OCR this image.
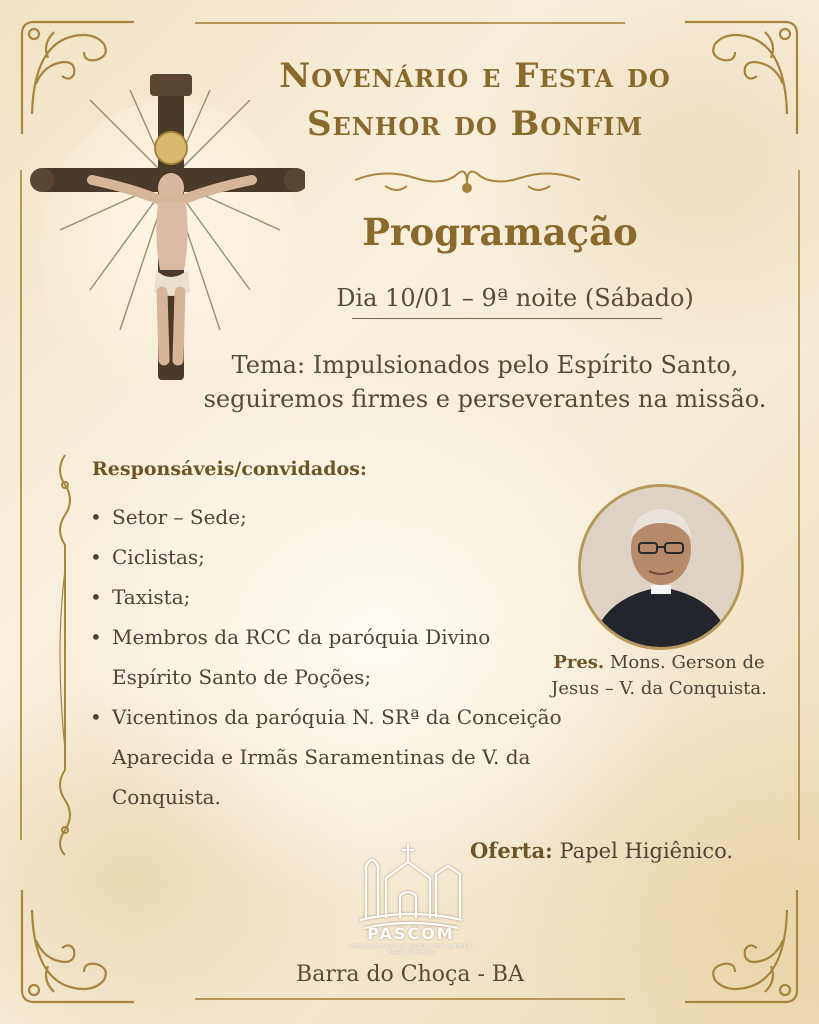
Novenário e Festa do
Senhor do Bonfim
Programação
Dia 10/01 – 9ª noite (Sábado)
Tema: Impulsionados pelo Espírito Santo, seguiremos firmes e perseverantes na missão.
Responsáveis/convidados:
• Setor – Sede;
• Ciclistas;
• Taxista;
• Membros da RCC da paróquia Divino Espírito Santo de Poções;
• Vicentinos da paróquia N. SRª da Conceição Aparecida e Irmãs Saramentinas de V. da Conquista.
Pres. Mons. Gerson de Jesus – V. da Conquista.
Oferta: Papel Higiênico.
PASCOM
PARÓQUIA SENHOR DO BONFIM E STO. ANTONIO - BARRA DO CHOÇA
Barra do Choça - BA
